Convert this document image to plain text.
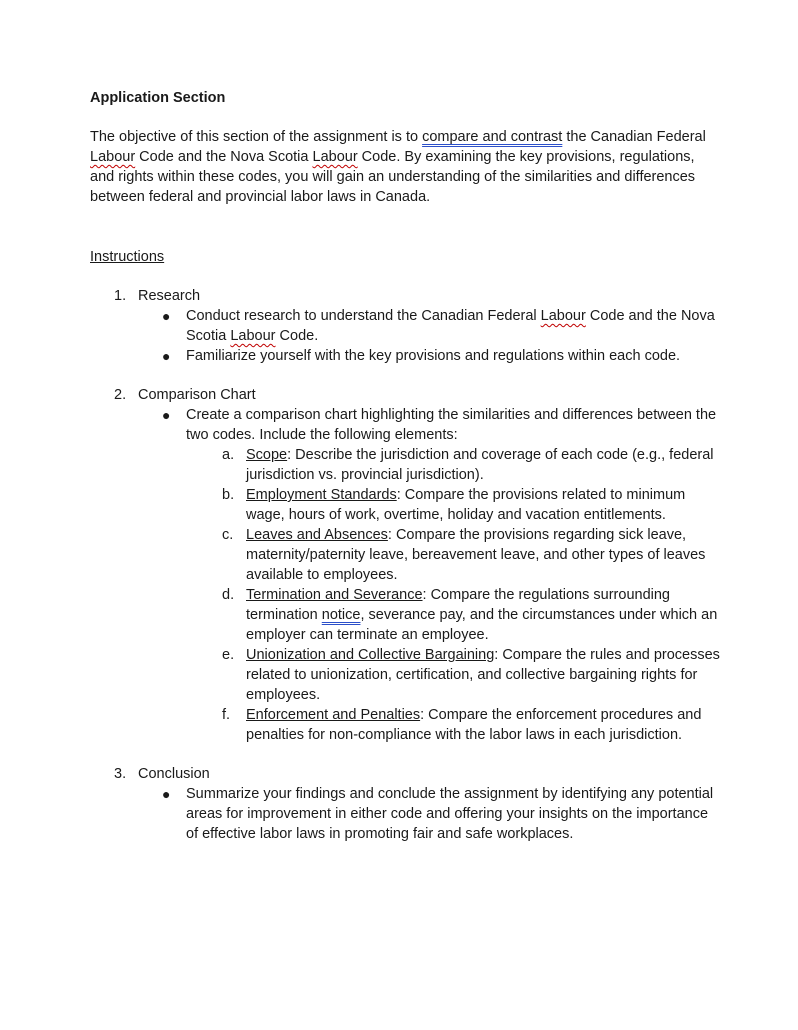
Application Section

The objective of this section of the assignment is to compare and contrast the Canadian Federal Labour Code and the Nova Scotia Labour Code. By examining the key provisions, regulations, and rights within these codes, you will gain an understanding of the similarities and differences between federal and provincial labor laws in Canada.

Instructions

1. Research
● Conduct research to understand the Canadian Federal Labour Code and the Nova Scotia Labour Code.
● Familiarize yourself with the key provisions and regulations within each code.
2. Comparison Chart
● Create a comparison chart highlighting the similarities and differences between the two codes. Include the following elements:
a. Scope: Describe the jurisdiction and coverage of each code (e.g., federal jurisdiction vs. provincial jurisdiction).
b. Employment Standards: Compare the provisions related to minimum wage, hours of work, overtime, holiday and vacation entitlements.
c. Leaves and Absences: Compare the provisions regarding sick leave, maternity/paternity leave, bereavement leave, and other types of leaves available to employees.
d. Termination and Severance: Compare the regulations surrounding termination notice, severance pay, and the circumstances under which an employer can terminate an employee.
e. Unionization and Collective Bargaining: Compare the rules and processes related to unionization, certification, and collective bargaining rights for employees.
f. Enforcement and Penalties: Compare the enforcement procedures and penalties for non-compliance with the labor laws in each jurisdiction.
3. Conclusion
● Summarize your findings and conclude the assignment by identifying any potential areas for improvement in either code and offering your insights on the importance of effective labor laws in promoting fair and safe workplaces.
